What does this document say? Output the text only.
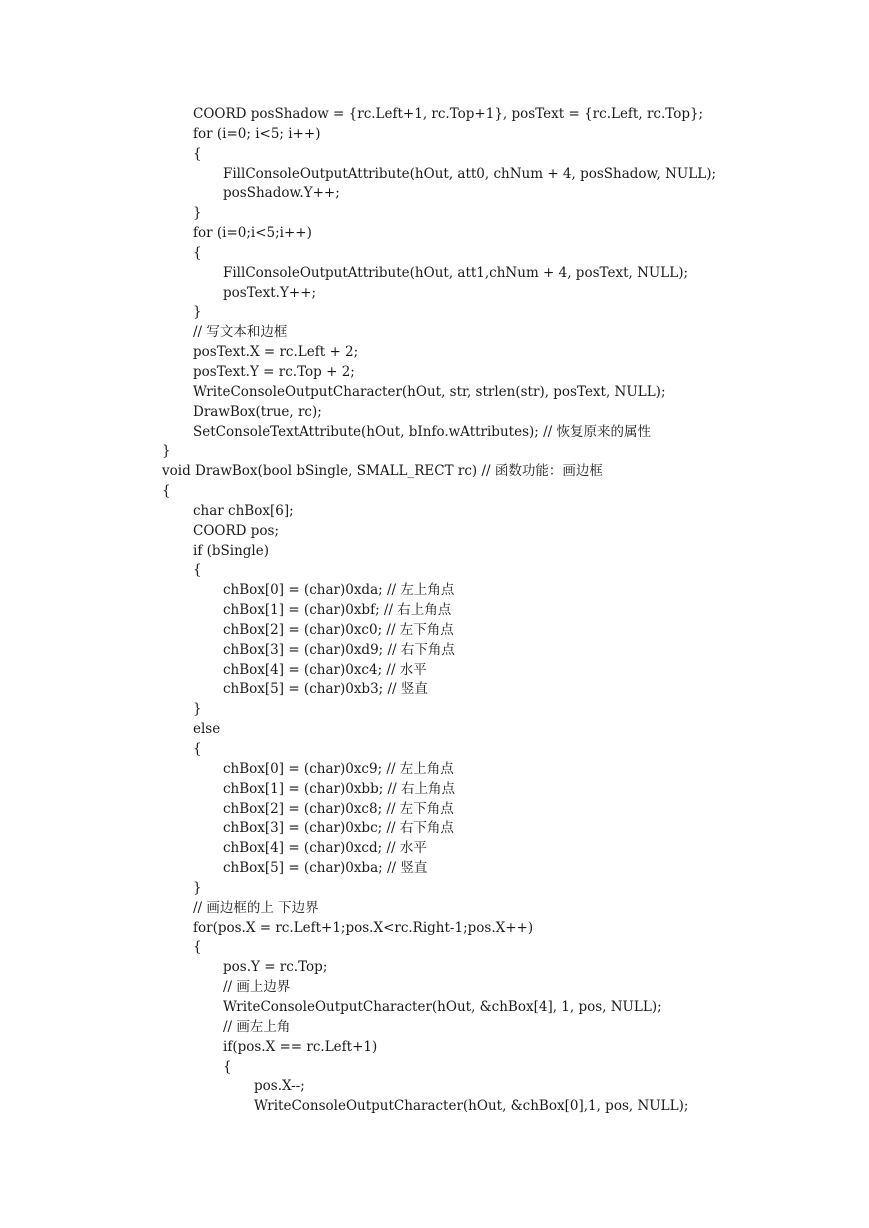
COORD posShadow = {rc.Left+1, rc.Top+1}, posText = {rc.Left, rc.Top};
for (i=0; i<5; i++)
{
FillConsoleOutputAttribute(hOut, att0, chNum + 4, posShadow, NULL);
posShadow.Y++;
}
for (i=0;i<5;i++)
{
FillConsoleOutputAttribute(hOut, att1,chNum + 4, posText, NULL);
posText.Y++;
}
// 写文本和边框
posText.X = rc.Left + 2;
posText.Y = rc.Top + 2;
WriteConsoleOutputCharacter(hOut, str, strlen(str), posText, NULL);
DrawBox(true, rc);
SetConsoleTextAttribute(hOut, bInfo.wAttributes); // 恢复原来的属性
}
void DrawBox(bool bSingle, SMALL_RECT rc) // 函数功能：画边框
{
char chBox[6];
COORD pos;
if (bSingle)
{
chBox[0] = (char)0xda; // 左上角点
chBox[1] = (char)0xbf; // 右上角点
chBox[2] = (char)0xc0; // 左下角点
chBox[3] = (char)0xd9; // 右下角点
chBox[4] = (char)0xc4; // 水平
chBox[5] = (char)0xb3; // 竖直
}
else
{
chBox[0] = (char)0xc9; // 左上角点
chBox[1] = (char)0xbb; // 右上角点
chBox[2] = (char)0xc8; // 左下角点
chBox[3] = (char)0xbc; // 右下角点
chBox[4] = (char)0xcd; // 水平
chBox[5] = (char)0xba; // 竖直
}
// 画边框的上 下边界
for(pos.X = rc.Left+1;pos.X<rc.Right-1;pos.X++)
{
pos.Y = rc.Top;
// 画上边界
WriteConsoleOutputCharacter(hOut, &chBox[4], 1, pos, NULL);
// 画左上角
if(pos.X == rc.Left+1)
{
pos.X--;
WriteConsoleOutputCharacter(hOut, &chBox[0],1, pos, NULL);
